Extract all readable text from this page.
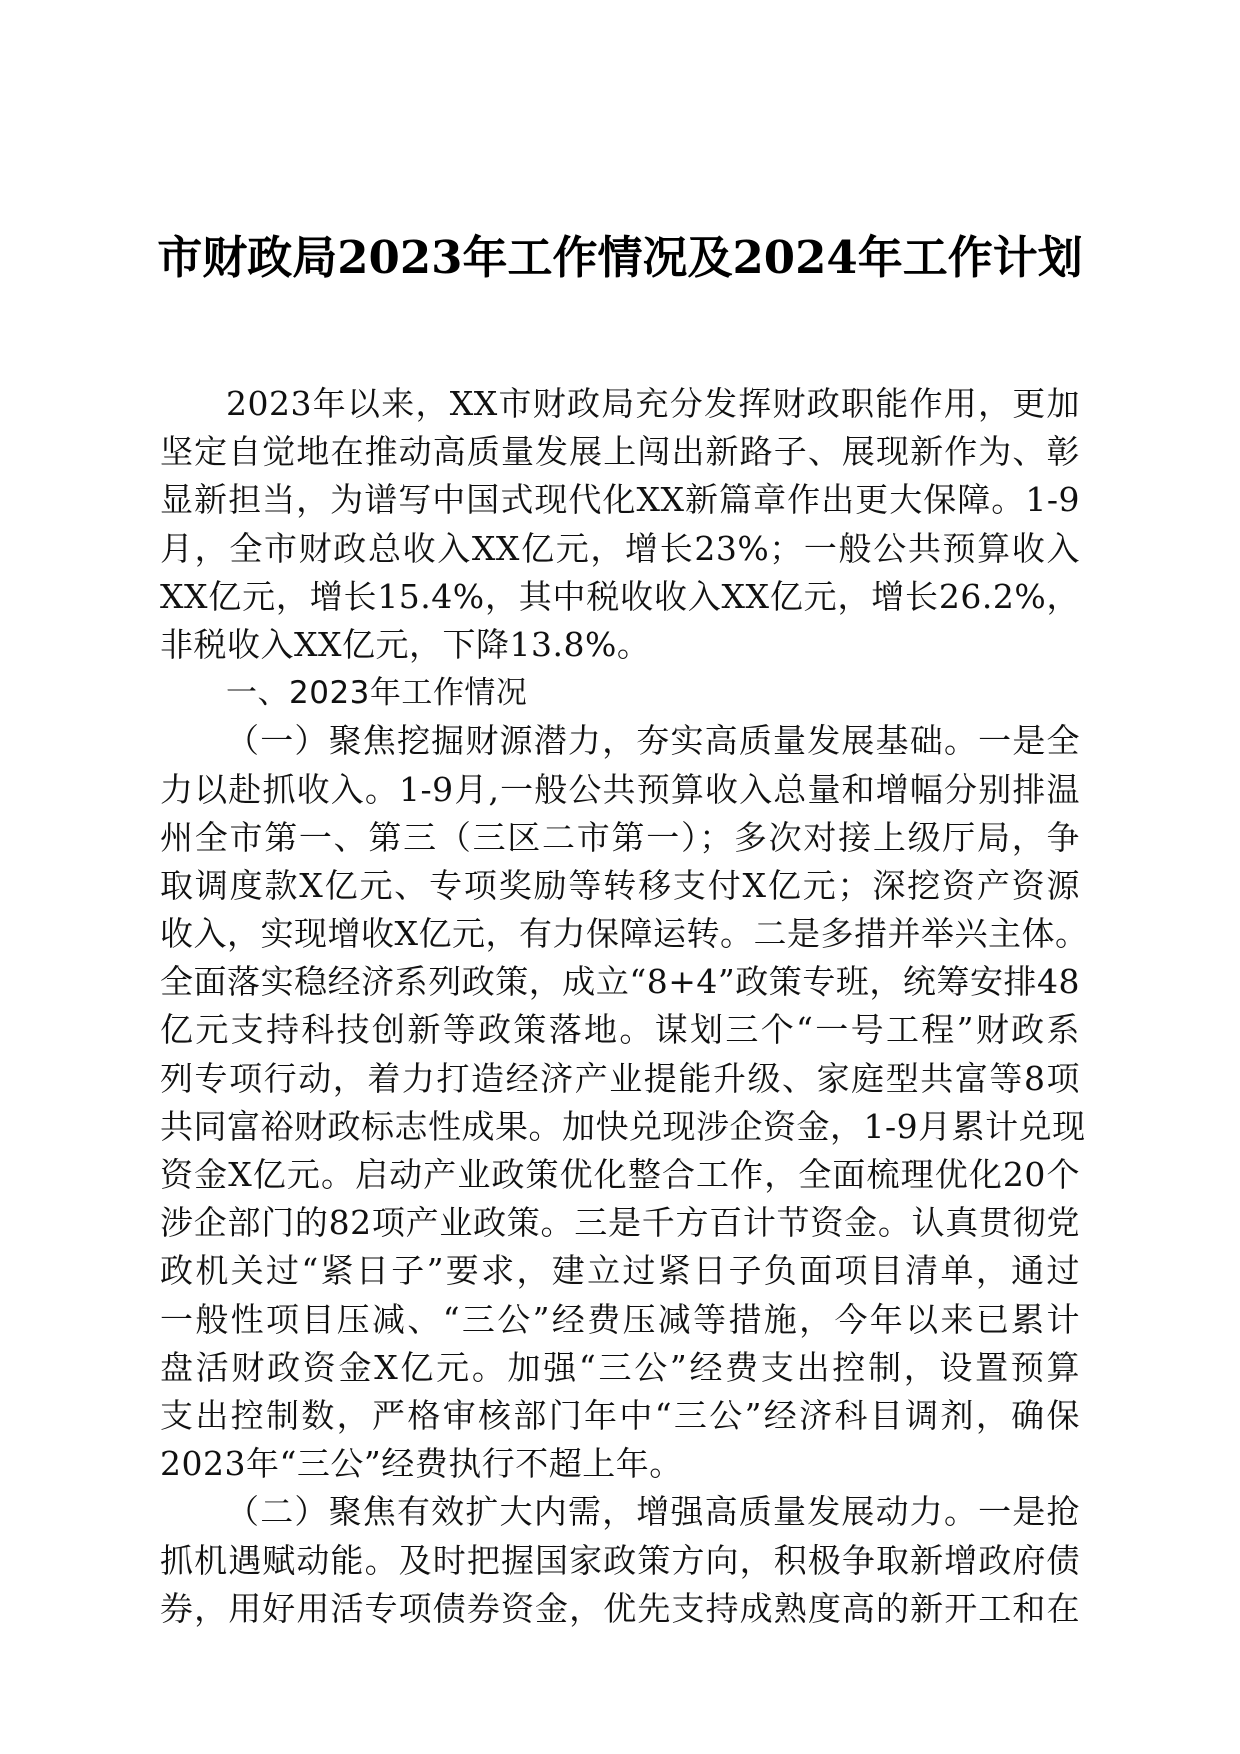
市财政局2023年工作情况及2024年工作计划
2023年以来，XX市财政局充分发挥财政职能作用，更加
坚定自觉地在推动高质量发展上闯出新路子、展现新作为、彰
显新担当，为谱写中国式现代化XX新篇章作出更大保障。1-9
月，全市财政总收入XX亿元，增长23%；一般公共预算收入
XX亿元，增长15.4%，其中税收收入XX亿元，增长26.2%，
非税收入XX亿元，下降13.8%。
一、2023年工作情况
（一）聚焦挖掘财源潜力，夯实高质量发展基础。一是全
力以赴抓收入。1-9月,一般公共预算收入总量和增幅分别排温
州全市第一、第三（三区二市第一）；多次对接上级厅局，争
取调度款X亿元、专项奖励等转移支付X亿元；深挖资产资源
收入，实现增收X亿元，有力保障运转。二是多措并举兴主体。
全面落实稳经济系列政策，成立“8+4”政策专班，统筹安排48
亿元支持科技创新等政策落地。谋划三个“一号工程”财政系
列专项行动，着力打造经济产业提能升级、家庭型共富等8项
共同富裕财政标志性成果。加快兑现涉企资金，1-9月累计兑现
资金X亿元。启动产业政策优化整合工作，全面梳理优化20个
涉企部门的82项产业政策。三是千方百计节资金。认真贯彻党
政机关过“紧日子”要求，建立过紧日子负面项目清单，通过
一般性项目压减、“三公”经费压减等措施，今年以来已累计
盘活财政资金X亿元。加强“三公”经费支出控制，设置预算
支出控制数，严格审核部门年中“三公”经济科目调剂，确保
2023年“三公”经费执行不超上年。
（二）聚焦有效扩大内需，增强高质量发展动力。一是抢
抓机遇赋动能。及时把握国家政策方向，积极争取新增政府债
券，用好用活专项债券资金，优先支持成熟度高的新开工和在
